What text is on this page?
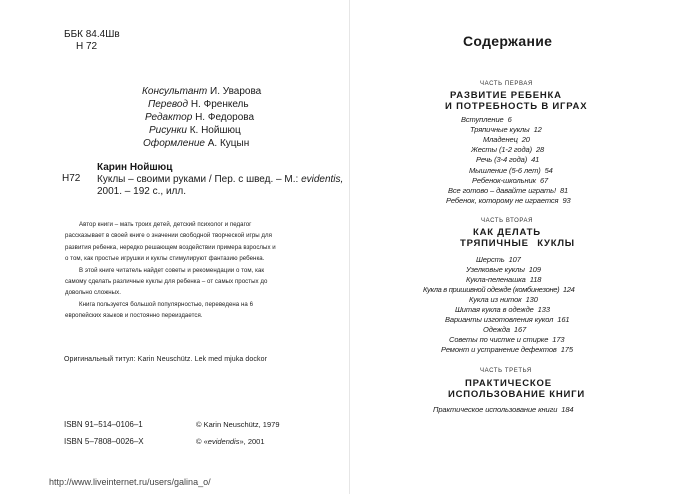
ББК 84.4Шв
Н 72
Консультант И. Уварова
Перевод Н. Френкель
Редактор Н. Федорова
Рисунки К. Нойшюц
Оформление А. Куцын
Н72
Карин Нойшюц
Куклы – своими руками / Пер. с швед. – М.: evidentis,
2001. – 192 с., илл.

Автор книги – мать троих детей, детский психолог и педагог рассказывает в своей книге о значении свободной творческой игры для развития ребенка, нередко решающем воздействии примера взрослых и о том, как простые игрушки и куклы стимулируют фантазию ребенка.

В этой книге читатель найдет советы и рекомендации о том, как самому сделать различные куклы для ребенка – от самых простых до довольно сложных.

Книга пользуется большой популярностью, переведена на 6 европейских языков и постоянно переиздается.

Оригинальный титул: Karin Neuschütz. Lek med mjuka dockor
ISBN 91–514–0106–1
ISBN 5–7808–0026–X
© Karin Neuschütz, 1979
© «evidendis», 2001
Содержание
ЧАСТЬ ПЕРВАЯ
РАЗВИТИЕ РЕБЕНКА
И ПОТРЕБНОСТЬ В ИГРАХ
Вступление 6
Тряпичные куклы 12
Младенец 20
Жесты (1-2 года) 28
Речь (3-4 года) 41
Мышление (5-6 лет) 54
Ребенок-школьник 67
Все готово – давайте играть! 81
Ребенок, которому не играется 93
ЧАСТЬ ВТОРАЯ
КАК ДЕЛАТЬ
ТРЯПИЧНЫЕ КУКЛЫ
Шерсть 107
Узелковые куклы 109
Кукла-пеленашка 118
Кукла в пришивной одежде (комбинезоне) 124
Кукла из ниток 130
Шитая кукла в одежде 133
Варианты изготовления кукол 161
Одежда 167
Советы по чистке и стирке 173
Ремонт и устранение дефектов 175
ЧАСТЬ ТРЕТЬЯ
ПРАКТИЧЕСКОЕ
ИСПОЛЬЗОВАНИЕ КНИГИ
Практическое использование книги 184
http://www.liveinternet.ru/users/galina_o/
